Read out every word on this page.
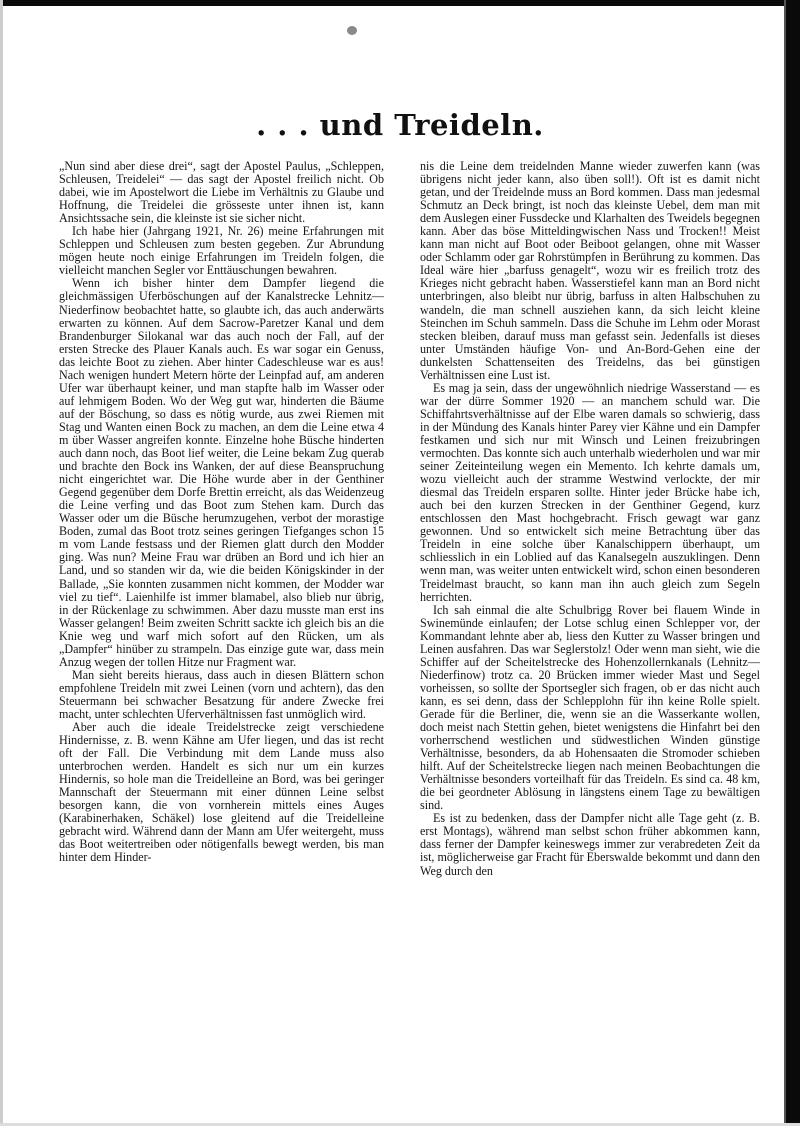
. . . und Treideln.

„Nun sind aber diese drei“, sagt der Apostel Paulus, „Schleppen, Schleusen, Treidelei“ — das sagt der Apostel freilich nicht. Ob dabei, wie im Apostelwort die Liebe im Verhältnis zu Glaube und Hoffnung, die Treidelei die grösseste unter ihnen ist, kann Ansichtssache sein, die kleinste ist sie sicher nicht.

Ich habe hier (Jahrgang 1921, Nr. 26) meine Erfahrungen mit Schleppen und Schleusen zum besten gegeben. Zur Abrundung mögen heute noch einige Erfahrungen im Treideln folgen, die vielleicht manchen Segler vor Enttäuschungen bewahren.

Wenn ich bisher hinter dem Dampfer liegend die gleichmässigen Uferböschungen auf der Kanalstrecke Lehnitz—Niederfinow beobachtet hatte, so glaubte ich, das auch anderwärts erwarten zu können. Auf dem Sacrow-Paretzer Kanal und dem Brandenburger Silokanal war das auch noch der Fall, auf der ersten Strecke des Plauer Kanals auch. Es war sogar ein Genuss, das leichte Boot zu ziehen. Aber hinter Cadeschleuse war es aus! Nach wenigen hundert Metern hörte der Leinpfad auf, am anderen Ufer war überhaupt keiner, und man stapfte halb im Wasser oder auf lehmigem Boden. Wo der Weg gut war, hinderten die Bäume auf der Böschung, so dass es nötig wurde, aus zwei Riemen mit Stag und Wanten einen Bock zu machen, an dem die Leine etwa 4 m über Wasser angreifen konnte. Einzelne hohe Büsche hinderten auch dann noch, das Boot lief weiter, die Leine bekam Zug querab und brachte den Bock ins Wanken, der auf diese Beanspruchung nicht eingerichtet war. Die Höhe wurde aber in der Genthiner Gegend gegenüber dem Dorfe Brettin erreicht, als das Weidenzeug die Leine verfing und das Boot zum Stehen kam. Durch das Wasser oder um die Büsche herumzugehen, verbot der morastige Boden, zumal das Boot trotz seines geringen Tiefganges schon 15 m vom Lande festsass und der Riemen glatt durch den Modder ging. Was nun? Meine Frau war drüben an Bord und ich hier an Land, und so standen wir da, wie die beiden Königskinder in der Ballade, „Sie konnten zusammen nicht kommen, der Modder war viel zu tief“. Laienhilfe ist immer blamabel, also blieb nur übrig, in der Rückenlage zu schwimmen. Aber dazu musste man erst ins Wasser gelangen! Beim zweiten Schritt sackte ich gleich bis an die Knie weg und warf mich sofort auf den Rücken, um als „Dampfer“ hinüber zu strampeln. Das einzige gute war, dass mein Anzug wegen der tollen Hitze nur Fragment war.

Man sieht bereits hieraus, dass auch in diesen Blättern schon empfohlene Treideln mit zwei Leinen (vorn und achtern), das den Steuermann bei schwacher Besatzung für andere Zwecke frei macht, unter schlechten Uferverhältnissen fast unmöglich wird.

Aber auch die ideale Treidelstrecke zeigt verschiedene Hindernisse, z. B. wenn Kähne am Ufer liegen, und das ist recht oft der Fall. Die Verbindung mit dem Lande muss also unterbrochen werden. Handelt es sich nur um ein kurzes Hindernis, so hole man die Treidelleine an Bord, was bei geringer Mannschaft der Steuermann mit einer dünnen Leine selbst besorgen kann, die von vornherein mittels eines Auges (Karabinerhaken, Schäkel) lose gleitend auf die Treidelleine gebracht wird. Während dann der Mann am Ufer weitergeht, muss das Boot weitertreiben oder nötigenfalls bewegt werden, bis man hinter dem Hinder-

nis die Leine dem treidelnden Manne wieder zuwerfen kann (was übrigens nicht jeder kann, also üben soll!). Oft ist es damit nicht getan, und der Treidelnde muss an Bord kommen. Dass man jedesmal Schmutz an Deck bringt, ist noch das kleinste Uebel, dem man mit dem Auslegen einer Fussdecke und Klarhalten des Tweidels begegnen kann. Aber das böse Mitteldingwischen Nass und Trocken!! Meist kann man nicht auf Boot oder Beiboot gelangen, ohne mit Wasser oder Schlamm oder gar Rohrstümpfen in Berührung zu kommen. Das Ideal wäre hier „barfuss genagelt“, wozu wir es freilich trotz des Krieges nicht gebracht haben. Wasserstiefel kann man an Bord nicht unterbringen, also bleibt nur übrig, barfuss in alten Halbschuhen zu wandeln, die man schnell ausziehen kann, da sich leicht kleine Steinchen im Schuh sammeln. Dass die Schuhe im Lehm oder Morast stecken bleiben, darauf muss man gefasst sein. Jedenfalls ist dieses unter Umständen häufige Von- und An-Bord-Gehen eine der dunkelsten Schattenseiten des Treidelns, das bei günstigen Verhältnissen eine Lust ist.

Es mag ja sein, dass der ungewöhnlich niedrige Wasserstand — es war der dürre Sommer 1920 — an manchem schuld war. Die Schiffahrtsverhältnisse auf der Elbe waren damals so schwierig, dass in der Mündung des Kanals hinter Parey vier Kähne und ein Dampfer festkamen und sich nur mit Winsch und Leinen freizubringen vermochten. Das konnte sich auch unterhalb wiederholen und war mir seiner Zeiteinteilung wegen ein Memento. Ich kehrte damals um, wozu vielleicht auch der stramme Westwind verlockte, der mir diesmal das Treideln ersparen sollte. Hinter jeder Brücke habe ich, auch bei den kurzen Strecken in der Genthiner Gegend, kurz entschlossen den Mast hochgebracht. Frisch gewagt war ganz gewonnen. Und so entwickelt sich meine Betrachtung über das Treideln in eine solche über Kanalschippern überhaupt, um schliesslich in ein Loblied auf das Kanalsegeln auszuklingen. Denn wenn man, was weiter unten entwickelt wird, schon einen besonderen Treidelmast braucht, so kann man ihn auch gleich zum Segeln herrichten.

Ich sah einmal die alte Schulbrigg Rover bei flauem Winde in Swinemünde einlaufen; der Lotse schlug einen Schlepper vor, der Kommandant lehnte aber ab, liess den Kutter zu Wasser bringen und Leinen ausfahren. Das war Seglerstolz! Oder wenn man sieht, wie die Schiffer auf der Scheitelstrecke des Hohenzollernkanals (Lehnitz—Niederfinow) trotz ca. 20 Brücken immer wieder Mast und Segel vorheissen, so sollte der Sportsegler sich fragen, ob er das nicht auch kann, es sei denn, dass der Schlepplohn für ihn keine Rolle spielt. Gerade für die Berliner, die, wenn sie an die Wasserkante wollen, doch meist nach Stettin gehen, bietet wenigstens die Hinfahrt bei den vorherrschend westlichen und südwestlichen Winden günstige Verhältnisse, besonders, da ab Hohensaaten die Stromoder schieben hilft. Auf der Scheitelstrecke liegen nach meinen Beobachtungen die Verhältnisse besonders vorteilhaft für das Treideln. Es sind ca. 48 km, die bei geordneter Ablösung in längstens einem Tage zu bewältigen sind.

Es ist zu bedenken, dass der Dampfer nicht alle Tage geht (z. B. erst Montags), während man selbst schon früher abkommen kann, dass ferner der Dampfer keineswegs immer zur verabredeten Zeit da ist, möglicherweise gar Fracht für Eberswalde bekommt und dann den Weg durch den
